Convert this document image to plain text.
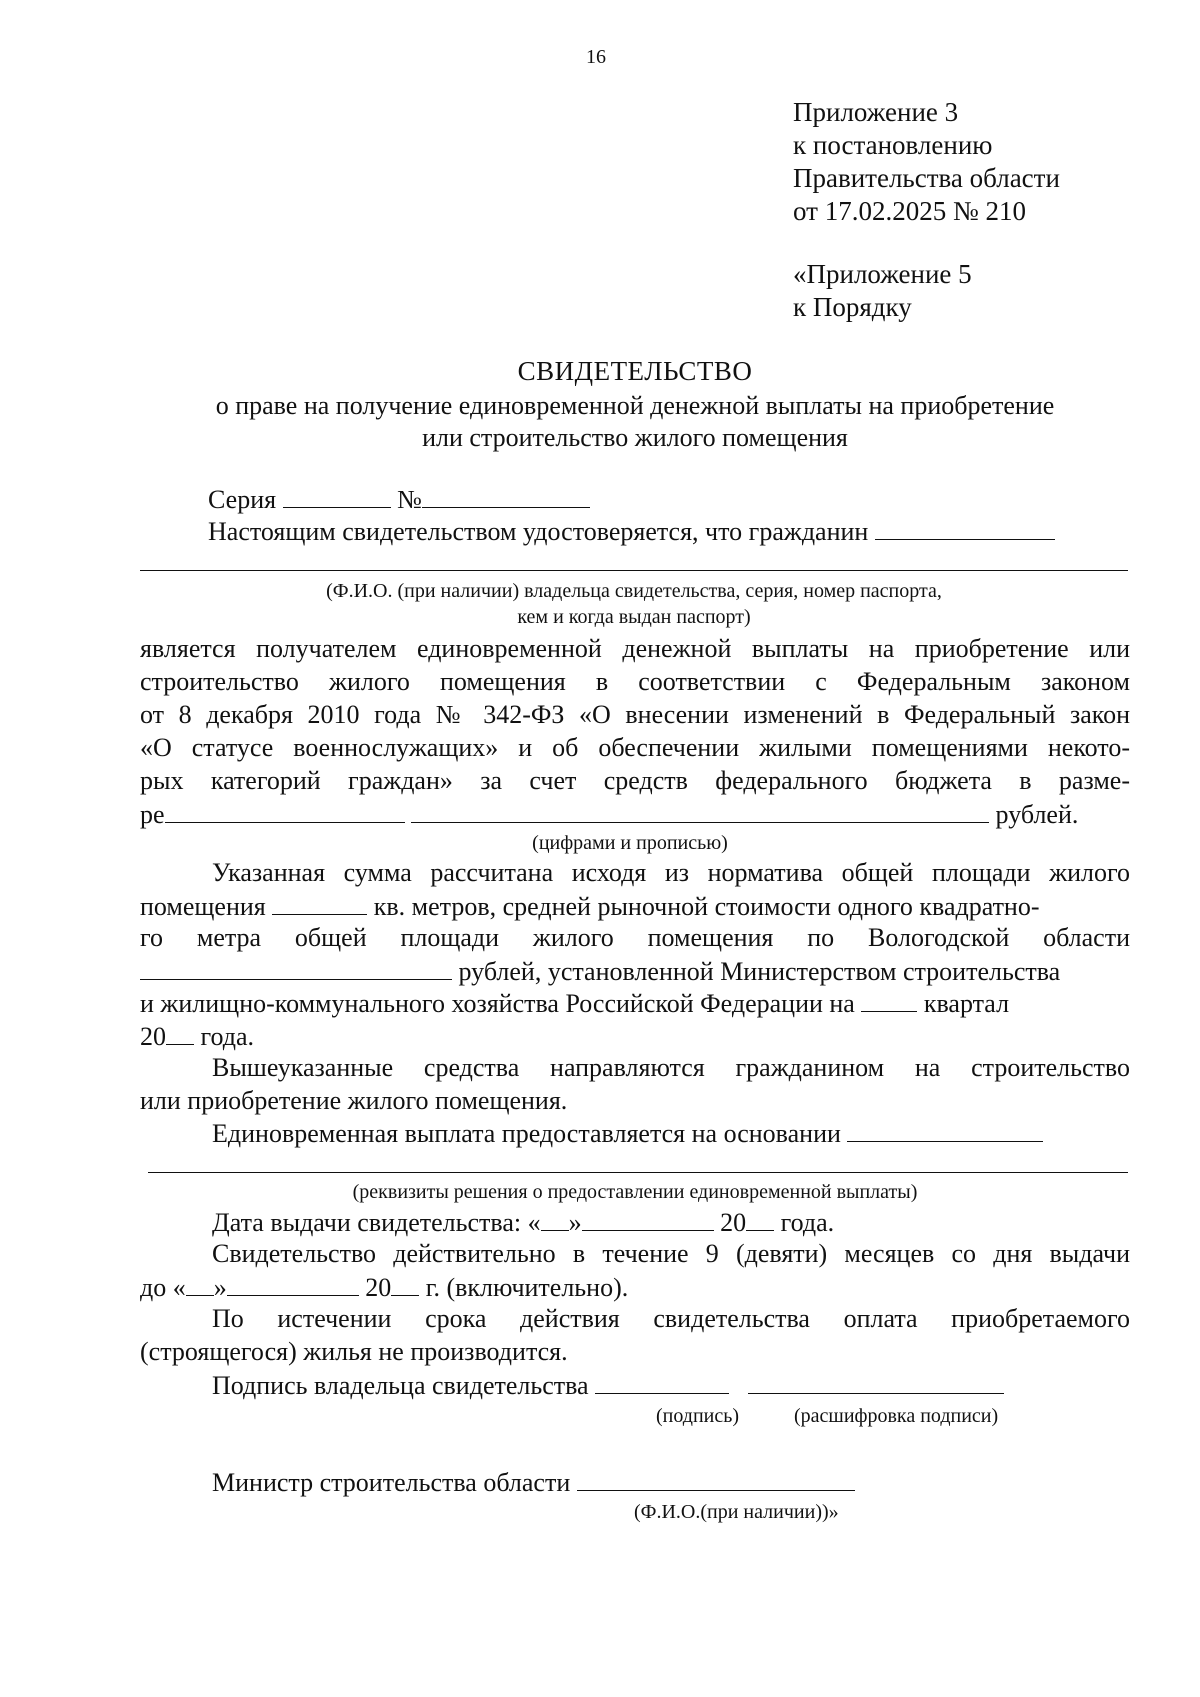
16
Приложение 3
к постановлению
Правительства области
от 17.02.2025 № 210
«Приложение 5
к Порядку
СВИДЕТЕЛЬСТВО
о праве на получение единовременной денежной выплаты на приобретение
или строительство жилого помещения
Серия	№
Настоящим свидетельством удостоверяется, что гражданин
(Ф.И.О. (при наличии) владельца свидетельства, серия, номер паспорта,
кем и когда выдан паспорт)
является получателем единовременной денежной выплаты на приобретение или
строительство жилого помещения в соответствии с Федеральным законом
от 8 декабря 2010 года № 342-ФЗ «О внесении изменений в Федеральный закон
«О статусе военнослужащих» и об обеспечении жилыми помещениями некото-
рых категорий граждан» за счет средств федерального бюджета в разме-
ре	рублей.
(цифрами и прописью)
Указанная сумма рассчитана исходя из норматива общей площади жилого
помещения	кв. метров, средней рыночной стоимости одного квадратно-
го метра общей площади жилого помещения по Вологодской области
рублей, установленной Министерством строительства
и жилищно-коммунального хозяйства Российской Федерации на	квартал
20 года.
Вышеуказанные средства направляются гражданином на строительство
или приобретение жилого помещения.
Единовременная выплата предоставляется на основании
(реквизиты решения о предоставлении единовременной выплаты)
Дата выдачи свидетельства: « »	20 года.
Свидетельство действительно в течение 9 (девяти) месяцев со дня выдачи
до « »	20 г. (включительно).
По истечении срока действия свидетельства оплата приобретаемого
(строящегося) жилья не производится.
Подпись владельца свидетельства
(подпись)	(расшифровка подписи)
Министр строительства области
(Ф.И.О.(при наличии))»
